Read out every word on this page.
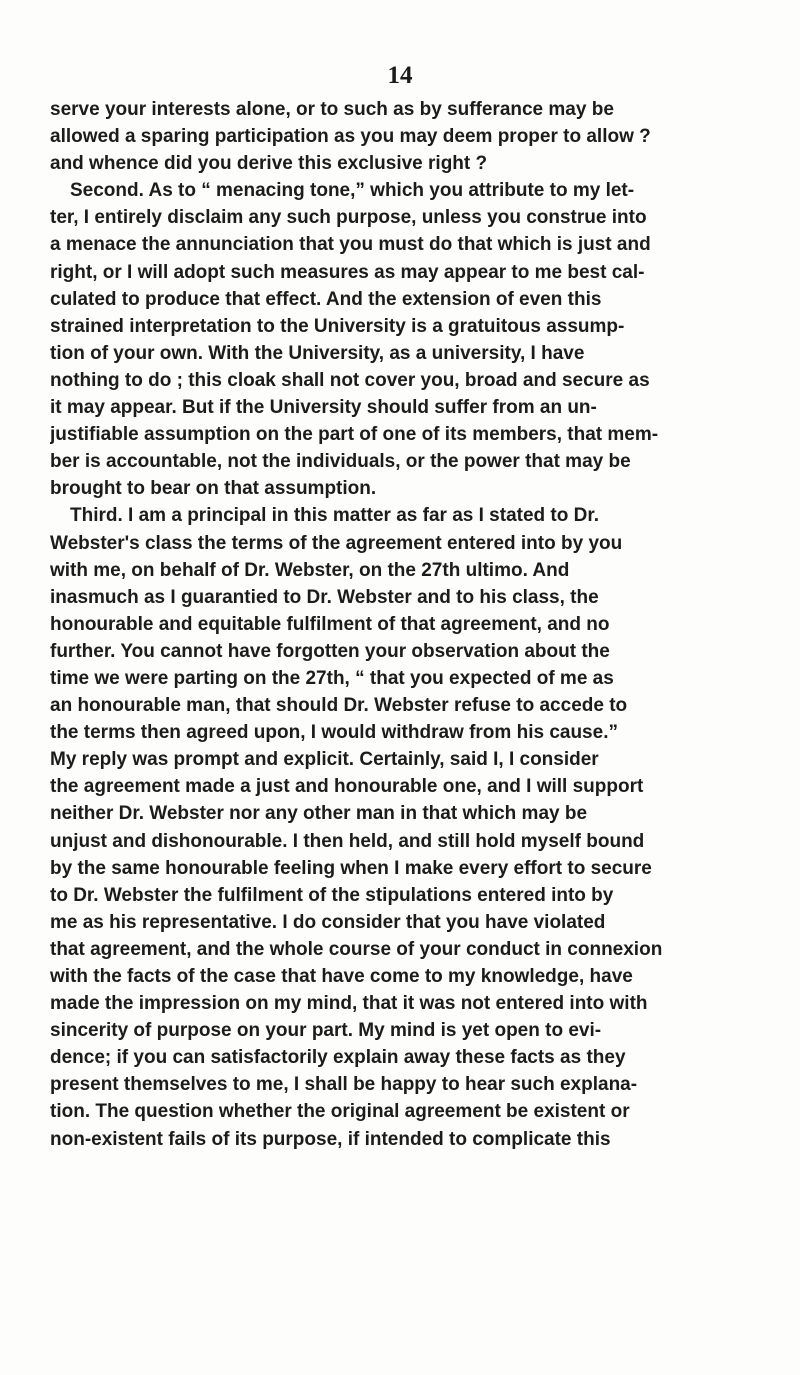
14
serve your interests alone, or to such as by sufferance may be
allowed a sparing participation as you may deem proper to allow ?
and whence did you derive this exclusive right ?
Second. As to “ menacing tone,” which you attribute to my let-
ter, I entirely disclaim any such purpose, unless you construe into
a menace the annunciation that you must do that which is just and
right, or I will adopt such measures as may appear to me best cal-
culated to produce that effect. And the extension of even this
strained interpretation to the University is a gratuitous assump-
tion of your own. With the University, as a university, I have
nothing to do ; this cloak shall not cover you, broad and secure as
it may appear. But if the University should suffer from an un-
justifiable assumption on the part of one of its members, that mem-
ber is accountable, not the individuals, or the power that may be
brought to bear on that assumption.
Third. I am a principal in this matter as far as I stated to Dr.
Webster's class the terms of the agreement entered into by you
with me, on behalf of Dr. Webster, on the 27th ultimo. And
inasmuch as I guarantied to Dr. Webster and to his class, the
honourable and equitable fulfilment of that agreement, and no
further. You cannot have forgotten your observation about the
time we were parting on the 27th, “ that you expected of me as
an honourable man, that should Dr. Webster refuse to accede to
the terms then agreed upon, I would withdraw from his cause.”
My reply was prompt and explicit. Certainly, said I, I consider
the agreement made a just and honourable one, and I will support
neither Dr. Webster nor any other man in that which may be
unjust and dishonourable. I then held, and still hold myself bound
by the same honourable feeling when I make every effort to secure
to Dr. Webster the fulfilment of the stipulations entered into by
me as his representative. I do consider that you have violated
that agreement, and the whole course of your conduct in connexion
with the facts of the case that have come to my knowledge, have
made the impression on my mind, that it was not entered into with
sincerity of purpose on your part. My mind is yet open to evi-
dence; if you can satisfactorily explain away these facts as they
present themselves to me, I shall be happy to hear such explana-
tion. The question whether the original agreement be existent or
non-existent fails of its purpose, if intended to complicate this
